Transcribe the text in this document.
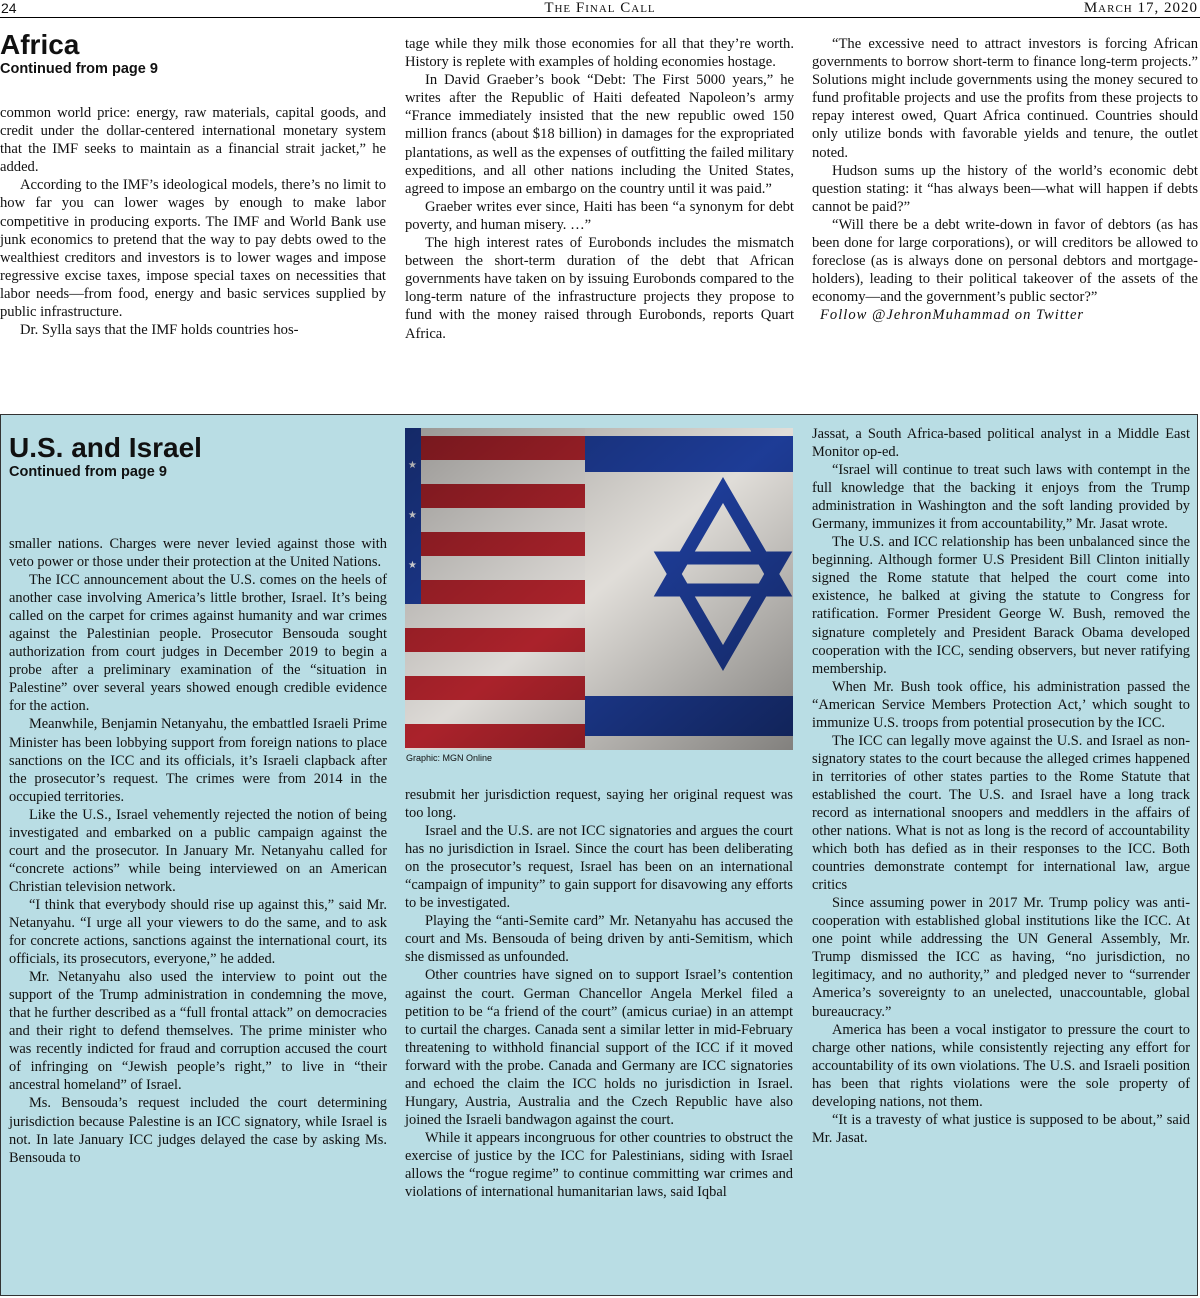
24	The Final Call	March 17, 2020
Africa
Continued from page 9

common world price: energy, raw materials, capital goods, and credit under the dollar-centered international monetary system that the IMF seeks to maintain as a financial strait jacket,” he added.

According to the IMF’s ideological models, there’s no limit to how far you can lower wages by enough to make labor competitive in producing exports. The IMF and World Bank use junk economics to pretend that the way to pay debts owed to the wealthiest creditors and investors is to lower wages and impose regressive excise taxes, impose special taxes on necessities that labor needs—from food, energy and basic services supplied by public infrastructure.

Dr. Sylla says that the IMF holds countries hos-

tage while they milk those economies for all that they’re worth. History is replete with examples of holding economies hostage.

In David Graeber’s book “Debt: The First 5000 years,” he writes after the Republic of Haiti defeated Napoleon’s army “France immediately insisted that the new republic owed 150 million francs (about $18 billion) in damages for the expropriated plantations, as well as the expenses of outfitting the failed military expeditions, and all other nations including the United States, agreed to impose an embargo on the country until it was paid.”

Graeber writes ever since, Haiti has been “a synonym for debt poverty, and human misery. …”

The high interest rates of Eurobonds includes the mismatch between the short-term duration of the debt that African governments have taken on by issuing Eurobonds compared to the long-term nature of the infrastructure projects they propose to fund with the money raised through Eurobonds, reports Quart Africa.

“The excessive need to attract investors is forcing African governments to borrow short-term to finance long-term projects.” Solutions might include governments using the money secured to fund profitable projects and use the profits from these projects to repay interest owed, Quart Africa continued. Countries should only utilize bonds with favorable yields and tenure, the outlet noted.

Hudson sums up the history of the world’s economic debt question stating: it “has always been—what will happen if debts cannot be paid?”

“Will there be a debt write-down in favor of debtors (as has been done for large corporations), or will creditors be allowed to foreclose (as is always done on personal debtors and mortgage-holders), leading to their political takeover of the assets of the economy—and the government’s public sector?”

Follow @JehronMuhammad on Twitter

U.S. and Israel
Continued from page 9

smaller nations. Charges were never levied against those with veto power or those under their protection at the United Nations.

The ICC announcement about the U.S. comes on the heels of another case involving America’s little brother, Israel. It’s being called on the carpet for crimes against humanity and war crimes against the Palestinian people. Prosecutor Bensouda sought authorization from court judges in December 2019 to begin a probe after a preliminary examination of the “situation in Palestine” over several years showed enough credible evidence for the action.

Meanwhile, Benjamin Netanyahu, the embattled Israeli Prime Minister has been lobbying support from foreign nations to place sanctions on the ICC and its officials, it’s Israeli clapback after the prosecutor’s request. The crimes were from 2014 in the occupied territories.

Like the U.S., Israel vehemently rejected the notion of being investigated and embarked on a public campaign against the court and the prosecutor. In January Mr. Netanyahu called for “concrete actions” while being interviewed on an American Christian television network.

“I think that everybody should rise up against this,” said Mr. Netanyahu. “I urge all your viewers to do the same, and to ask for concrete actions, sanctions against the international court, its officials, its prosecutors, everyone,” he added.

Mr. Netanyahu also used the interview to point out the support of the Trump administration in condemning the move, that he further described as a “full frontal attack” on democracies and their right to defend themselves. The prime minister who was recently indicted for fraud and corruption accused the court of infringing on “Jewish people’s right,” to live in “their ancestral homeland” of Israel.

Ms. Bensouda’s request included the court determining jurisdiction because Palestine is an ICC signatory, while Israel is not. In late January ICC judges delayed the case by asking Ms. Bensouda to

Graphic: MGN Online

resubmit her jurisdiction request, saying her original request was too long.

Israel and the U.S. are not ICC signatories and argues the court has no jurisdiction in Israel. Since the court has been deliberating on the prosecutor’s request, Israel has been on an international “campaign of impunity” to gain support for disavowing any efforts to be investigated.

Playing the “anti-Semite card” Mr. Netanyahu has accused the court and Ms. Bensouda of being driven by anti-Semitism, which she dismissed as unfounded.

Other countries have signed on to support Israel’s contention against the court. German Chancellor Angela Merkel filed a petition to be “a friend of the court” (amicus curiae) in an attempt to curtail the charges. Canada sent a similar letter in mid-February threatening to withhold financial support of the ICC if it moved forward with the probe. Canada and Germany are ICC signatories and echoed the claim the ICC holds no jurisdiction in Israel. Hungary, Austria, Australia and the Czech Republic have also joined the Israeli bandwagon against the court.

While it appears incongruous for other countries to obstruct the exercise of justice by the ICC for Palestinians, siding with Israel allows the “rogue regime” to continue committing war crimes and violations of international humanitarian laws, said Iqbal

Jassat, a South Africa-based political analyst in a Middle East Monitor op-ed.

“Israel will continue to treat such laws with contempt in the full knowledge that the backing it enjoys from the Trump administration in Washington and the soft landing provided by Germany, immunizes it from accountability,” Mr. Jasat wrote.

The U.S. and ICC relationship has been unbalanced since the beginning. Although former U.S President Bill Clinton initially signed the Rome statute that helped the court come into existence, he balked at giving the statute to Congress for ratification. Former President George W. Bush, removed the signature completely and President Barack Obama developed cooperation with the ICC, sending observers, but never ratifying membership.

When Mr. Bush took office, his administration passed the “American Service Members Protection Act,’ which sought to immunize U.S. troops from potential prosecution by the ICC.

The ICC can legally move against the U.S. and Israel as non-signatory states to the court because the alleged crimes happened in territories of other states parties to the Rome Statute that established the court. The U.S. and Israel have a long track record as international snoopers and meddlers in the affairs of other nations. What is not as long is the record of accountability which both has defied as in their responses to the ICC. Both countries demonstrate contempt for international law, argue critics

Since assuming power in 2017 Mr. Trump policy was anti-cooperation with established global institutions like the ICC. At one point while addressing the UN General Assembly, Mr. Trump dismissed the ICC as having, “no jurisdiction, no legitimacy, and no authority,” and pledged never to “surrender America’s sovereignty to an unelected, unaccountable, global bureaucracy.”

America has been a vocal instigator to pressure the court to charge other nations, while consistently rejecting any effort for accountability of its own violations. The U.S. and Israeli position has been that rights violations were the sole property of developing nations, not them.

“It is a travesty of what justice is supposed to be about,” said Mr. Jasat.
